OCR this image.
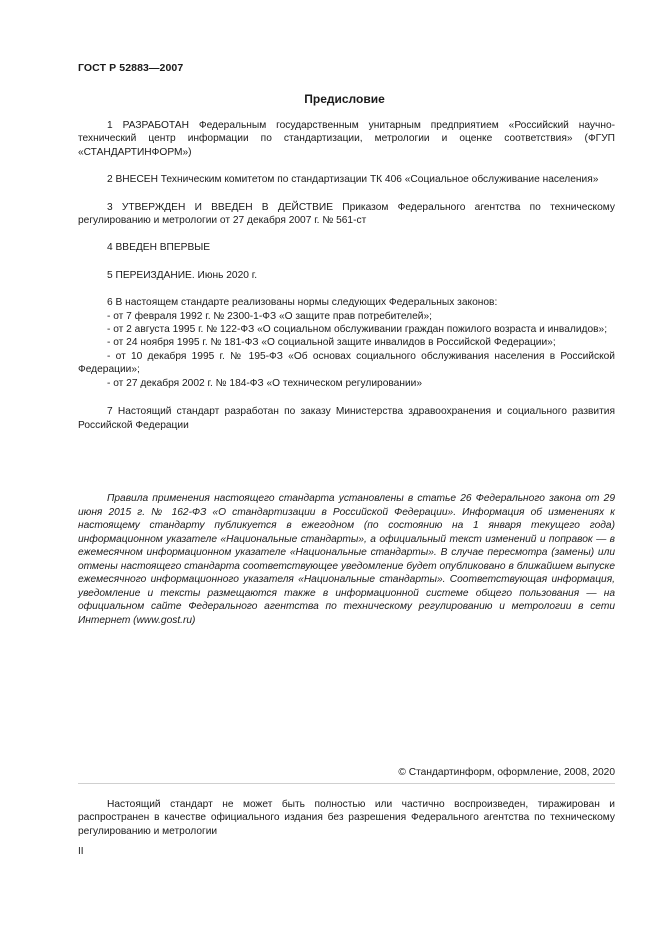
ГОСТ Р 52883—2007
Предисловие

1 РАЗРАБОТАН Федеральным государственным унитарным предприятием «Российский научно-технический центр информации по стандартизации, метрологии и оценке соответствия» (ФГУП «СТАНДАРТИНФОРМ»)

2 ВНЕСЕН Техническим комитетом по стандартизации ТК 406 «Социальное обслуживание населения»

3 УТВЕРЖДЕН И ВВЕДЕН В ДЕЙСТВИЕ Приказом Федерального агентства по техническому регулированию и метрологии от 27 декабря 2007 г. № 561-ст

4 ВВЕДЕН ВПЕРВЫЕ

5 ПЕРЕИЗДАНИЕ. Июнь 2020 г.

6 В настоящем стандарте реализованы нормы следующих Федеральных законов:

- от 7 февраля 1992 г. № 2300-1-ФЗ «О защите прав потребителей»;

- от 2 августа 1995 г. № 122-ФЗ «О социальном обслуживании граждан пожилого возраста и инвалидов»;

- от 24 ноября 1995 г. № 181-ФЗ «О социальной защите инвалидов в Российской Федерации»;

- от 10 декабря 1995 г. № 195-ФЗ «Об основах социального обслуживания населения в Российской Федерации»;

- от 27 декабря 2002 г. № 184-ФЗ «О техническом регулировании»

7 Настоящий стандарт разработан по заказу Министерства здравоохранения и социального развития Российской Федерации

Правила применения настоящего стандарта установлены в статье 26 Федерального закона от 29 июня 2015 г. № 162-ФЗ «О стандартизации в Российской Федерации». Информация об изменениях к настоящему стандарту публикуется в ежегодном (по состоянию на 1 января текущего года) информационном указателе «Национальные стандарты», а официальный текст изменений и поправок — в ежемесячном информационном указателе «Национальные стандарты». В случае пересмотра (замены) или отмены настоящего стандарта соответствующее уведомление будет опубликовано в ближайшем выпуске ежемесячного информационного указателя «Национальные стандарты». Соответствующая информация, уведомление и тексты размещаются также в информационной системе общего пользования — на официальном сайте Федерального агентства по техническому регулированию и метрологии в сети Интернет (www.gost.ru)
© Стандартинформ, оформление, 2008, 2020
Настоящий стандарт не может быть полностью или частично воспроизведен, тиражирован и распространен в качестве официального издания без разрешения Федерального агентства по техническому регулированию и метрологии
II
